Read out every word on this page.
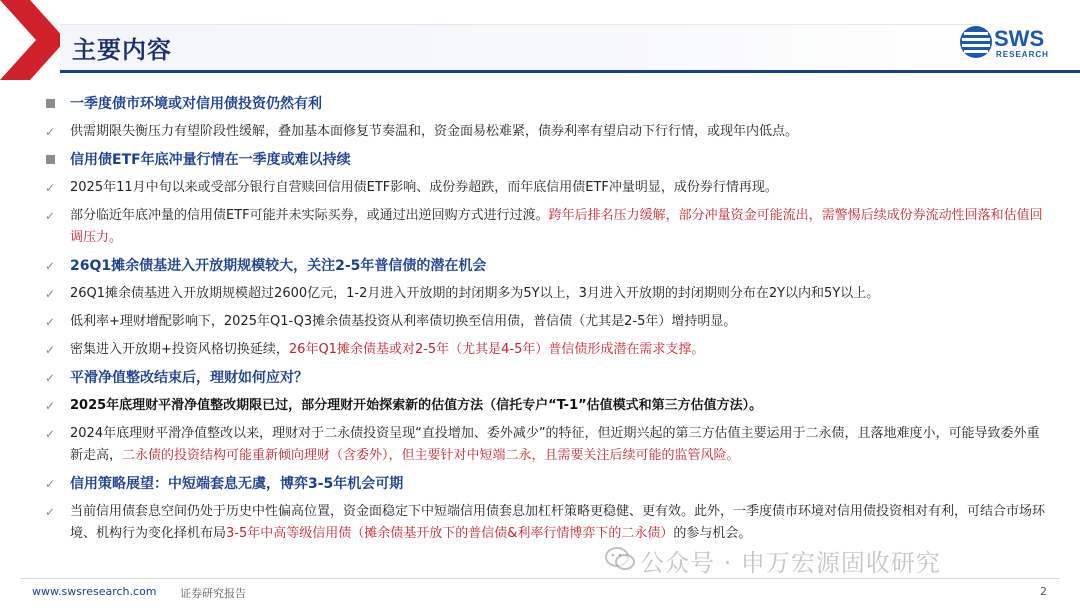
主要内容	SWS
RESEARCH
一季度债市环境或对信用债投资仍然有利
✓	供需期限失衡压力有望阶段性缓解，叠加基本面修复节奏温和，资金面易松难紧，债券利率有望启动下行行情，或现年内低点。
信用债ETF年底冲量行情在一季度或难以持续
✓	2025年11月中旬以来或受部分银行自营赎回信用债ETF影响、成份券超跌，而年底信用债ETF冲量明显，成份券行情再现。
✓	部分临近年底冲量的信用债ETF可能并未实际买券，或通过出逆回购方式进行过渡。跨年后排名压力缓解，部分冲量资金可能流出，需警惕后续成份券流动性回落和估值回调压力。
✓	26Q1摊余债基进入开放期规模较大，关注2-5年普信债的潜在机会
✓	26Q1摊余债基进入开放期规模超过2600亿元，1-2月进入开放期的封闭期多为5Y以上，3月进入开放期的封闭期则分布在2Y以内和5Y以上。
✓	低利率+理财增配影响下，2025年Q1-Q3摊余债基投资从利率债切换至信用债，普信债（尤其是2-5年）增持明显。
✓	密集进入开放期+投资风格切换延续，26年Q1摊余债基或对2-5年（尤其是4-5年）普信债形成潜在需求支撑。
✓	平滑净值整改结束后，理财如何应对？
✓	2025年底理财平滑净值整改期限已过，部分理财开始探索新的估值方法（信托专户“T-1”估值模式和第三方估值方法）。
✓	2024年底理财平滑净值整改以来，理财对于二永债投资呈现“直投增加、委外减少”的特征，但近期兴起的第三方估值主要运用于二永债，且落地难度小，可能导致委外重新走高，二永债的投资结构可能重新倾向理财（含委外），但主要针对中短端二永，且需要关注后续可能的监管风险。
✓	信用策略展望：中短端套息无虞，博弈3-5年机会可期
✓	当前信用债套息空间仍处于历史中性偏高位置，资金面稳定下中短端信用债套息加杠杆策略更稳健、更有效。此外，一季度债市环境对信用债投资相对有利，可结合市场环境、机构行为变化择机布局3-5年中高等级信用债（摊余债基开放下的普信债&利率行情博弈下的二永债）的参与机会。
公众号 · 申万宏源固收研究
www.swsresearch.com 证券研究报告	2
